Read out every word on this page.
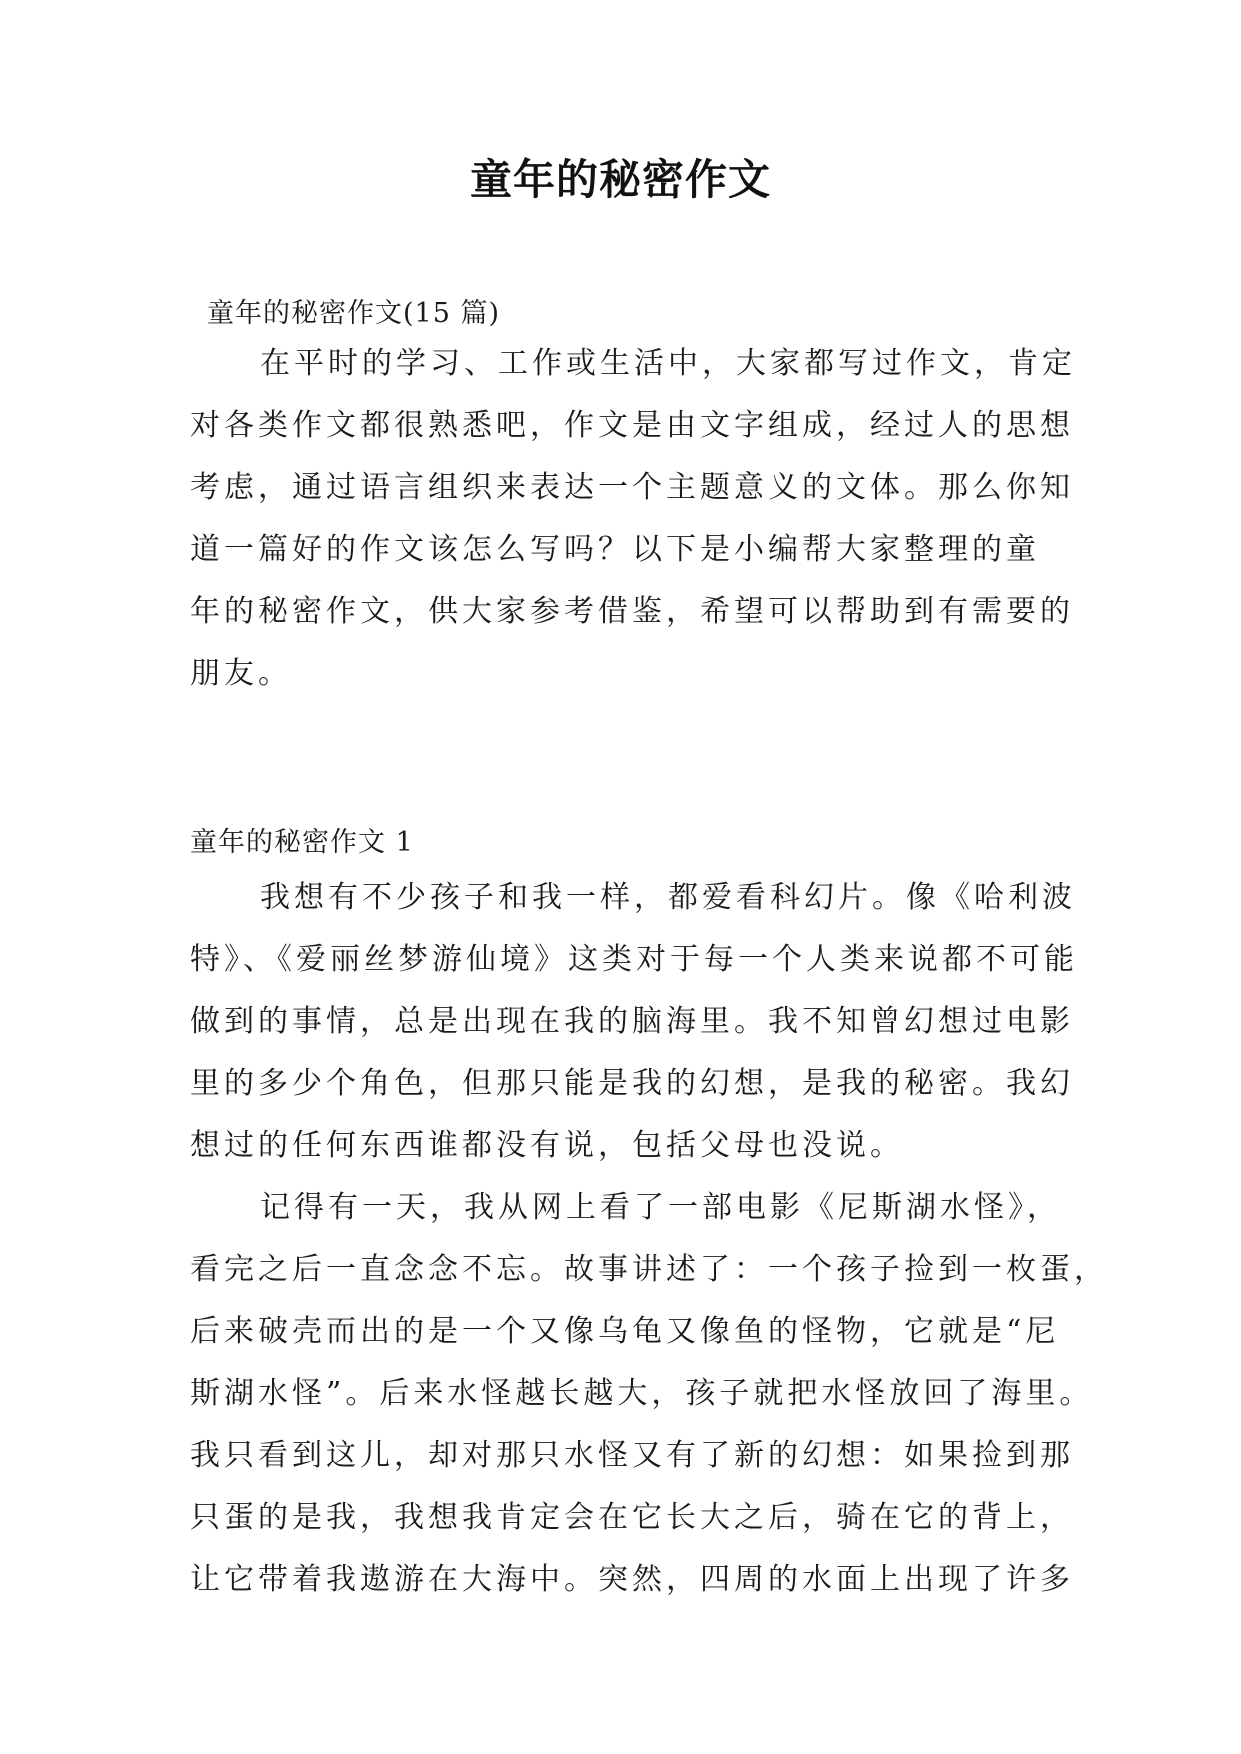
童年的秘密作文

童年的秘密作文(15 篇)

在平时的学习、工作或生活中，大家都写过作文，肯定
对各类作文都很熟悉吧，作文是由文字组成，经过人的思想
考虑，通过语言组织来表达一个主题意义的文体。那么你知
道一篇好的作文该怎么写吗？以下是小编帮大家整理的童
年的秘密作文，供大家参考借鉴，希望可以帮助到有需要的
朋友。

童年的秘密作文 1

我想有不少孩子和我一样，都爱看科幻片。像《哈利波
特》、《爱丽丝梦游仙境》这类对于每一个人类来说都不可能
做到的事情，总是出现在我的脑海里。我不知曾幻想过电影
里的多少个角色，但那只能是我的幻想，是我的秘密。我幻
想过的任何东西谁都没有说，包括父母也没说。
记得有一天，我从网上看了一部电影《尼斯湖水怪》，
看完之后一直念念不忘。故事讲述了：一个孩子捡到一枚蛋，
后来破壳而出的是一个又像乌龟又像鱼的怪物，它就是“尼
斯湖水怪”。后来水怪越长越大，孩子就把水怪放回了海里。
我只看到这儿，却对那只水怪又有了新的幻想：如果捡到那
只蛋的是我，我想我肯定会在它长大之后，骑在它的背上，
让它带着我遨游在大海中。突然，四周的水面上出现了许多
